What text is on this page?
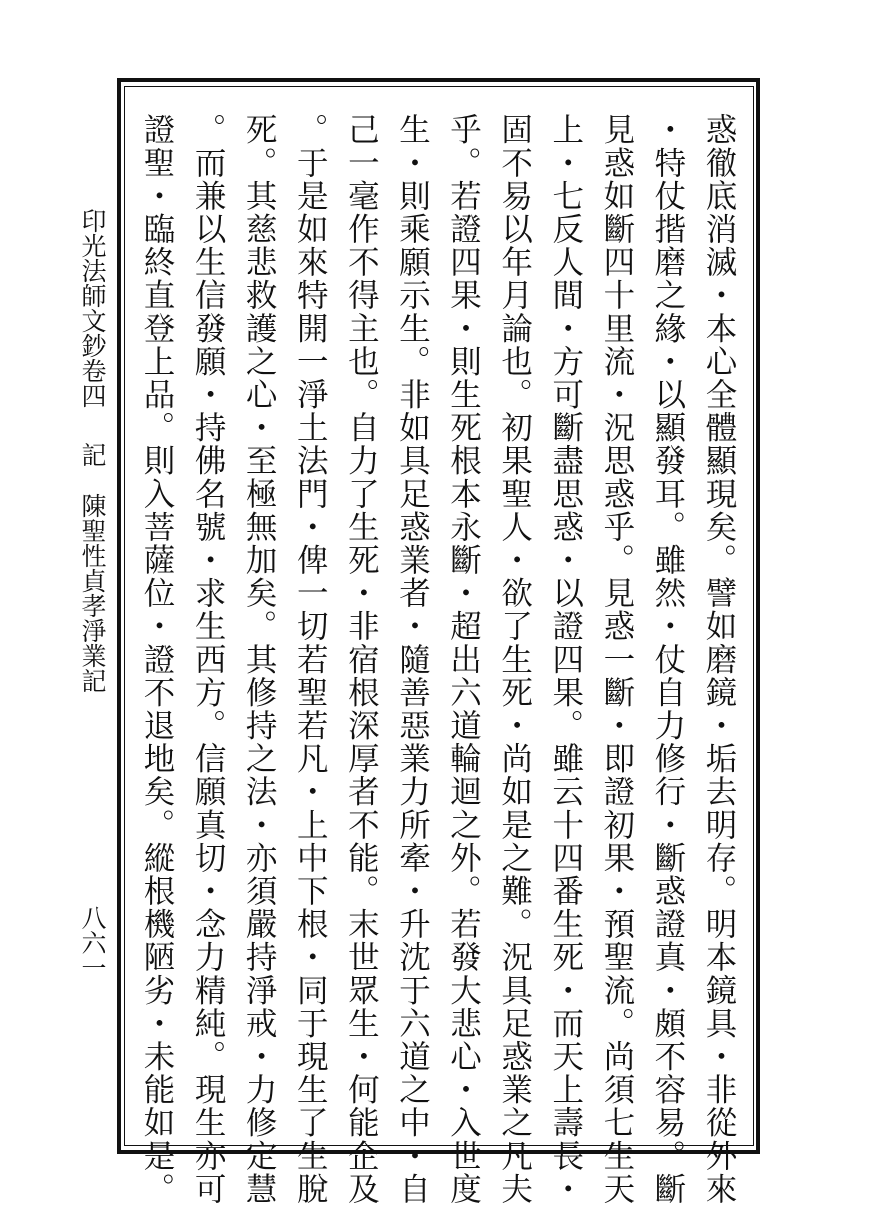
印光法師文鈔卷四記陳聖性貞孝淨業記
八六一	惑徹底消滅・本心全體顯現矣。譬如磨鏡・垢去明存。明本鏡具・非從外來
・特仗揩磨之緣・以顯發耳。雖然・仗自力修行・斷惑證真・頗不容易。斷
見惑如斷四十里流・況思惑乎。見惑一斷・即證初果・預聖流。尚須七生天
上・七反人間・方可斷盡思惑・以證四果。雖云十四番生死・而天上壽長・
固不易以年月論也。初果聖人・欲了生死・尚如是之難。況具足惑業之凡夫
乎。若證四果・則生死根本永斷・超出六道輪迴之外。若發大悲心・入世度
生・則乘願示生。非如具足惑業者・隨善惡業力所牽・升沈于六道之中・自
己一毫作不得主也。自力了生死・非宿根深厚者不能。末世眾生・何能企及
。于是如來特開一淨土法門・俾一切若聖若凡・上中下根・同于現生了生脫
死。其慈悲救護之心・至極無加矣。其修持之法・亦須嚴持淨戒・力修定慧
。而兼以生信發願・持佛名號・求生西方。信願真切・念力精純。現生亦可
證聖・臨終直登上品。則入菩薩位・證不退地矣。縱根機陋劣・未能如是。
